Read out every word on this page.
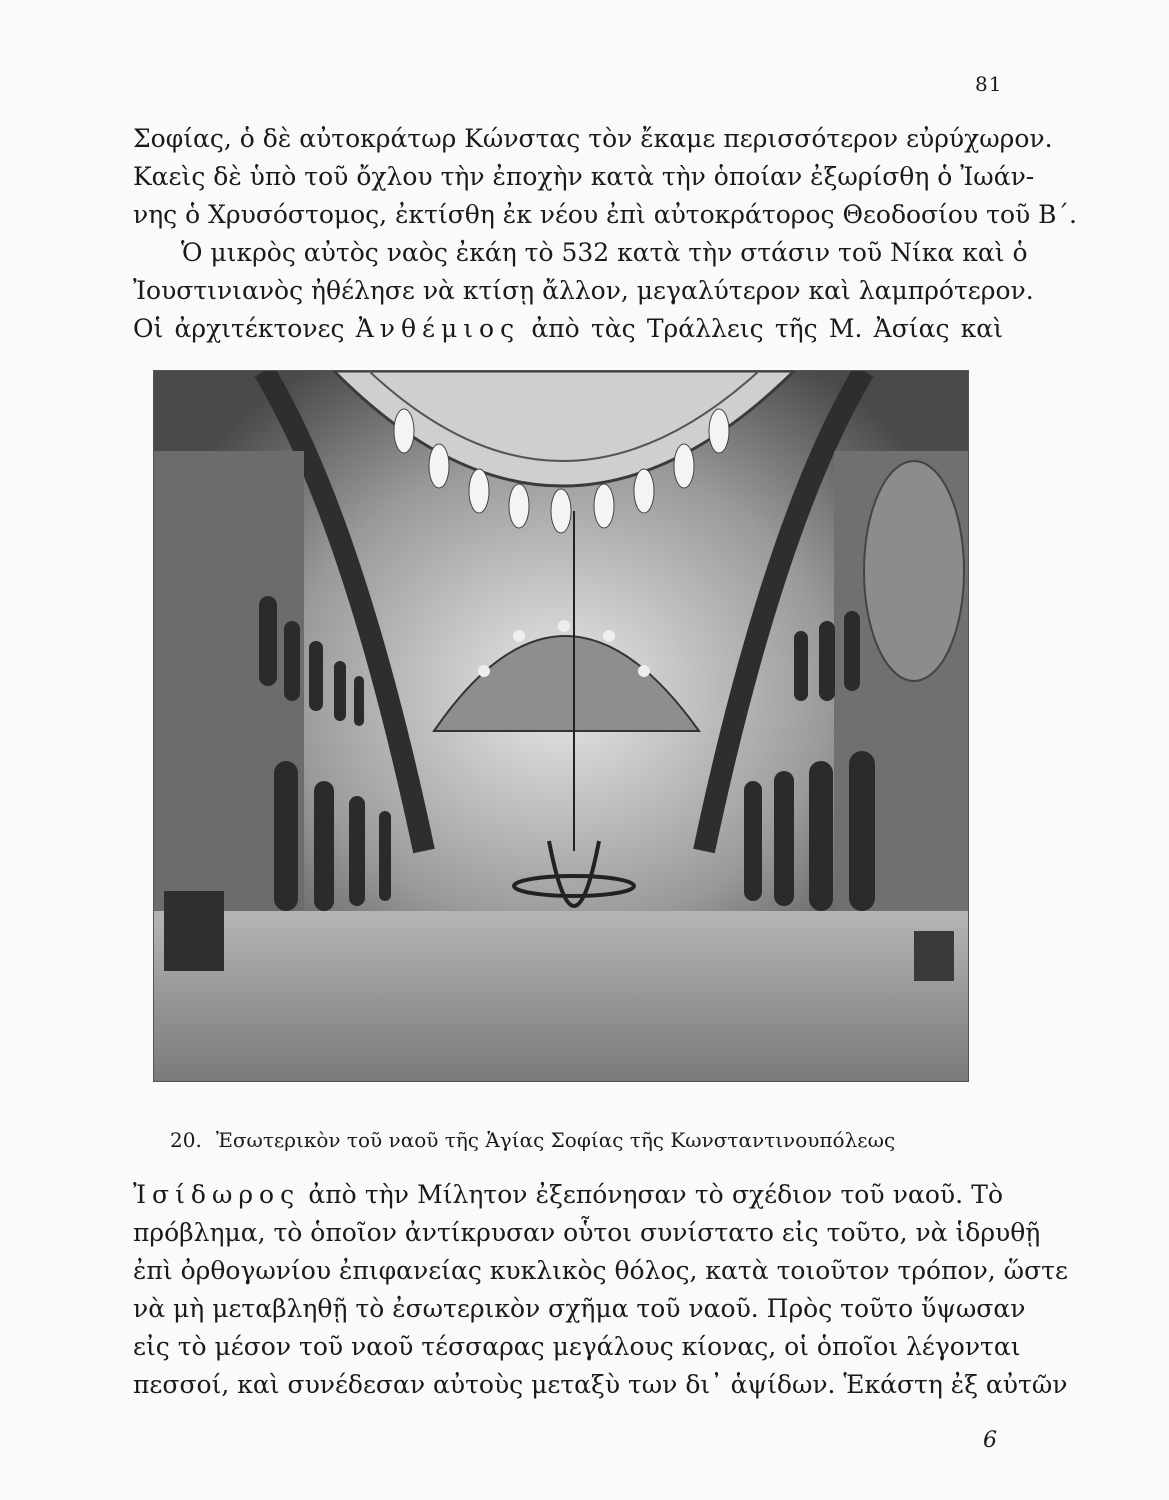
81

Σοφίας, ὁ δὲ αὐτοκράτωρ Κώνστας τὸν ἔκαμε περισσότερον εὐρύχωρον.
Καεὶς δὲ ὑπὸ τοῦ ὄχλου τὴν ἐποχὴν κατὰ τὴν ὁποίαν ἐξωρίσθη ὁ Ἰωάν-
νης ὁ Χρυσόστομος, ἐκτίσθη ἐκ νέου ἐπὶ αὐτοκράτορος Θεοδοσίου τοῦ Β΄.

Ὁ μικρὸς αὐτὸς ναὸς ἐκάη τὸ 532 κατὰ τὴν στάσιν τοῦ Νίκα καὶ ὁ
Ἰουστινιανὸς ἠθέλησε νὰ κτίσῃ ἄλλον, μεγαλύτερον καὶ λαμπρότερον.
Οἱ ἀρχιτέκτονες Ἀνθέμιος ἀπὸ τὰς Τράλλεις τῆς Μ. Ἀσίας καὶ

20. Ἐσωτερικὸν τοῦ ναοῦ τῆς Ἁγίας Σοφίας τῆς Κωνσταντινουπόλεως

Ἰσίδωρος ἀπὸ τὴν Μίλητον ἐξεπόνησαν τὸ σχέδιον τοῦ ναοῦ. Τὸ
πρόβλημα, τὸ ὁποῖον ἀντίκρυσαν οὗτοι συνίστατο εἰς τοῦτο, νὰ ἱδρυθῇ
ἐπὶ ὀρθογωνίου ἐπιφανείας κυκλικὸς θόλος, κατὰ τοιοῦτον τρόπον, ὥστε
νὰ μὴ μεταβληθῇ τὸ ἐσωτερικὸν σχῆμα τοῦ ναοῦ. Πρὸς τοῦτο ὕψωσαν
εἰς τὸ μέσον τοῦ ναοῦ τέσσαρας μεγάλους κίονας, οἱ ὁποῖοι λέγονται
πεσσοί, καὶ συνέδεσαν αὐτοὺς μεταξὺ των δι᾽ ἁψίδων. Ἑκάστη ἐξ αὐτῶν

6
